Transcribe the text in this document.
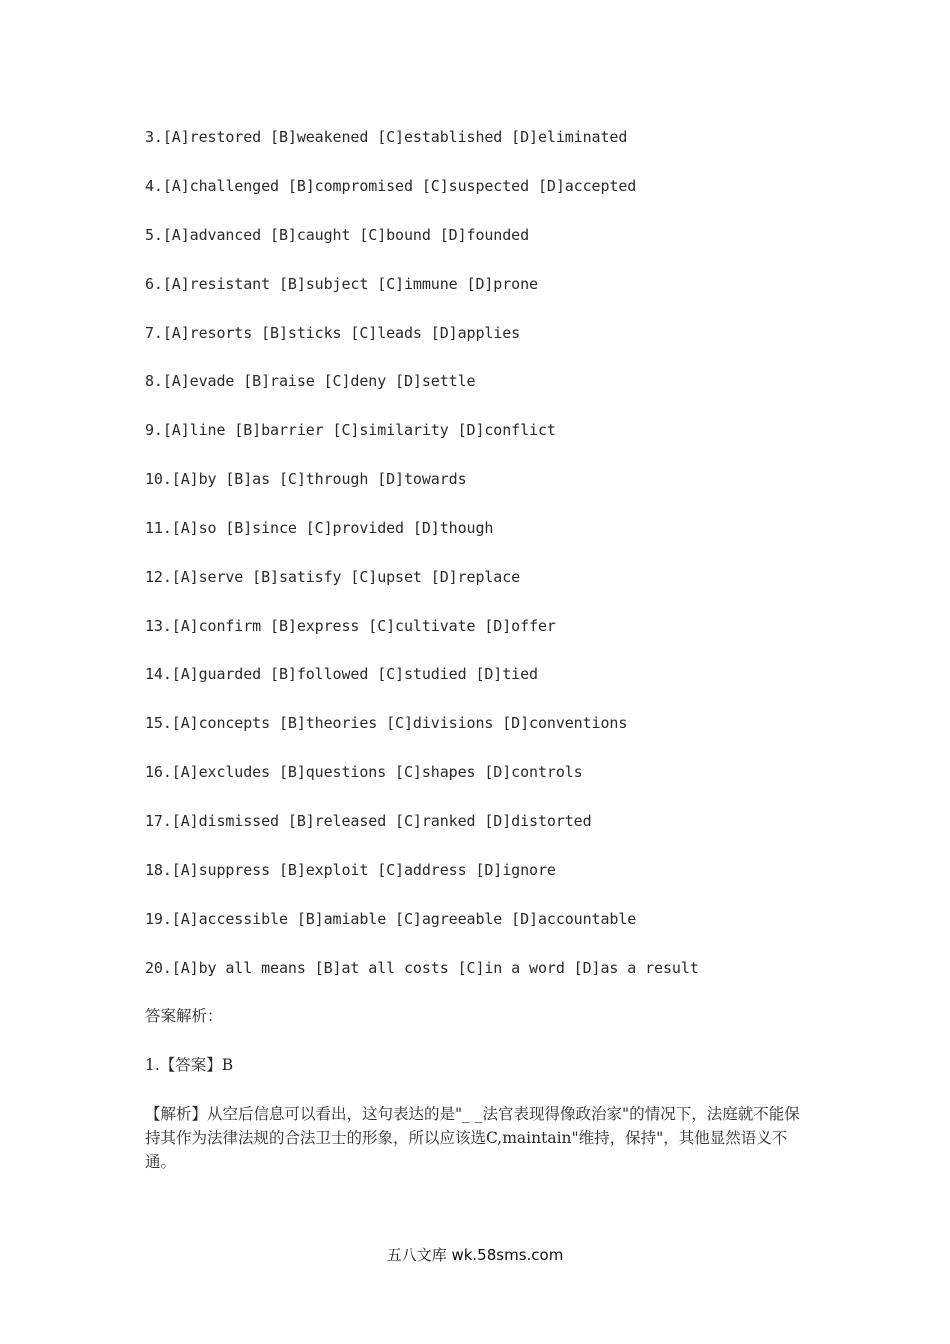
3.[A]restored [B]weakened [C]established [D]eliminated
4.[A]challenged [B]compromised [C]suspected [D]accepted
5.[A]advanced [B]caught [C]bound [D]founded
6.[A]resistant [B]subject [C]immune [D]prone
7.[A]resorts [B]sticks [C]leads [D]applies
8.[A]evade [B]raise [C]deny [D]settle
9.[A]line [B]barrier [C]similarity [D]conflict
10.[A]by [B]as [C]through [D]towards
11.[A]so [B]since [C]provided [D]though
12.[A]serve [B]satisfy [C]upset [D]replace
13.[A]confirm [B]express [C]cultivate [D]offer
14.[A]guarded [B]followed [C]studied [D]tied
15.[A]concepts [B]theories [C]divisions [D]conventions
16.[A]excludes [B]questions [C]shapes [D]controls
17.[A]dismissed [B]released [C]ranked [D]distorted
18.[A]suppress [B]exploit [C]address [D]ignore
19.[A]accessible [B]amiable [C]agreeable [D]accountable
20.[A]by all means [B]at all costs [C]in a word [D]as a result
答案解析：
1.【答案】B
【解析】从空后信息可以看出，这句表达的是"_ _法官表现得像政治家"的情况下，法庭就不能保持其作为法律法规的合法卫士的形象，所以应该选C,maintain"维持，保持"，其他显然语义不通。
五八文库 wk.58sms.com
